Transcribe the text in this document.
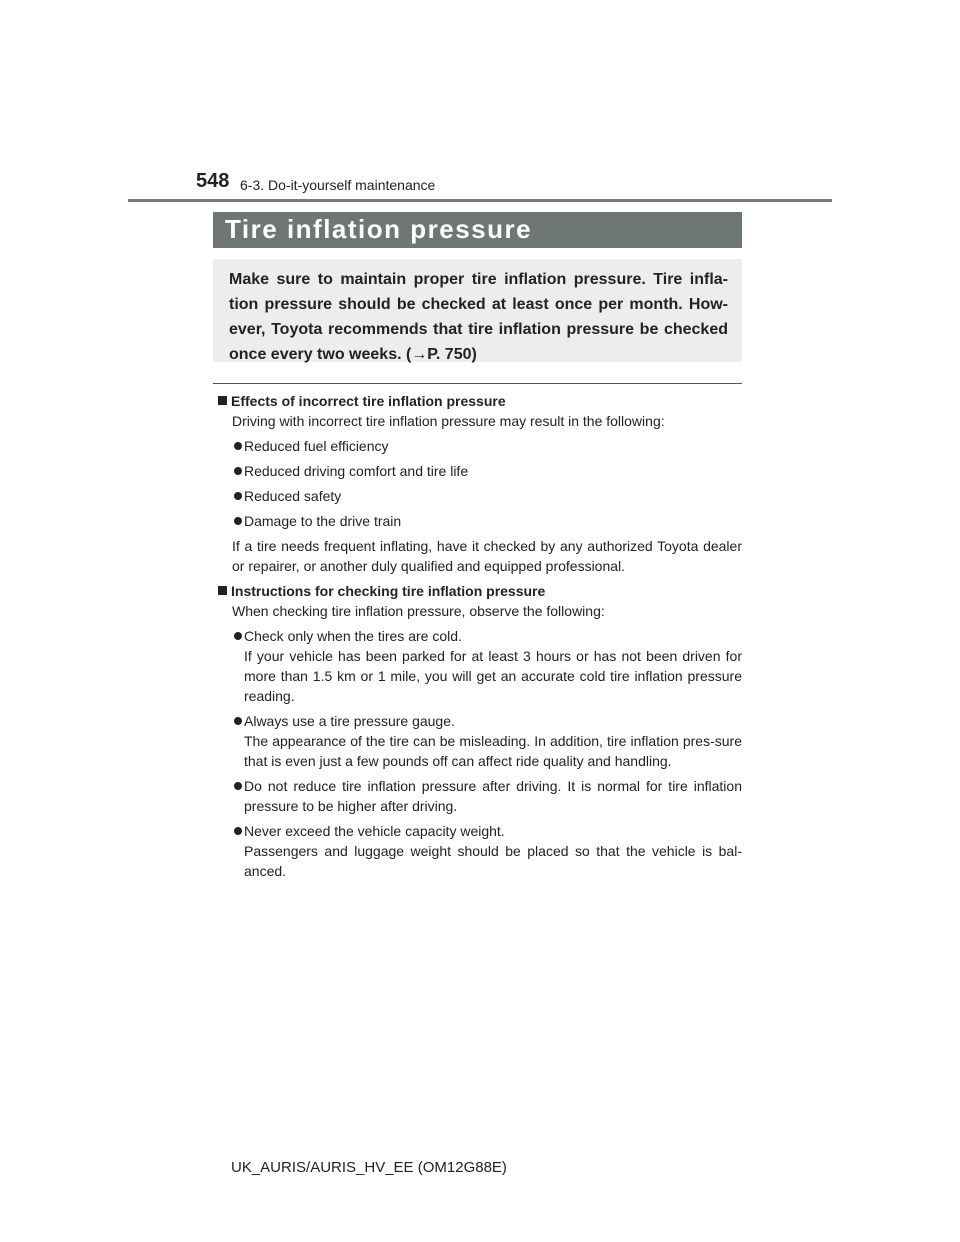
548 6-3. Do-it-yourself maintenance
Tire inflation pressure
Make sure to maintain proper tire inflation pressure. Tire infla-tion pressure should be checked at least once per month. How-ever, Toyota recommends that tire inflation pressure be checked once every two weeks. (→P. 750)

Effects of incorrect tire inflation pressure

Driving with incorrect tire inflation pressure may result in the following:

Reduced fuel efficiency
Reduced driving comfort and tire life
Reduced safety
Damage to the drive train

If a tire needs frequent inflating, have it checked by any authorized Toyota dealer or repairer, or another duly qualified and equipped professional.

Instructions for checking tire inflation pressure

When checking tire inflation pressure, observe the following:

Check only when the tires are cold.
If your vehicle has been parked for at least 3 hours or has not been driven for more than 1.5 km or 1 mile, you will get an accurate cold tire inflation pressure reading.
Always use a tire pressure gauge.
The appearance of the tire can be misleading. In addition, tire inflation pres-sure that is even just a few pounds off can affect ride quality and handling.
Do not reduce tire inflation pressure after driving. It is normal for tire inflation pressure to be higher after driving.
Never exceed the vehicle capacity weight.
Passengers and luggage weight should be placed so that the vehicle is bal-anced.
UK_AURIS/AURIS_HV_EE (OM12G88E)
